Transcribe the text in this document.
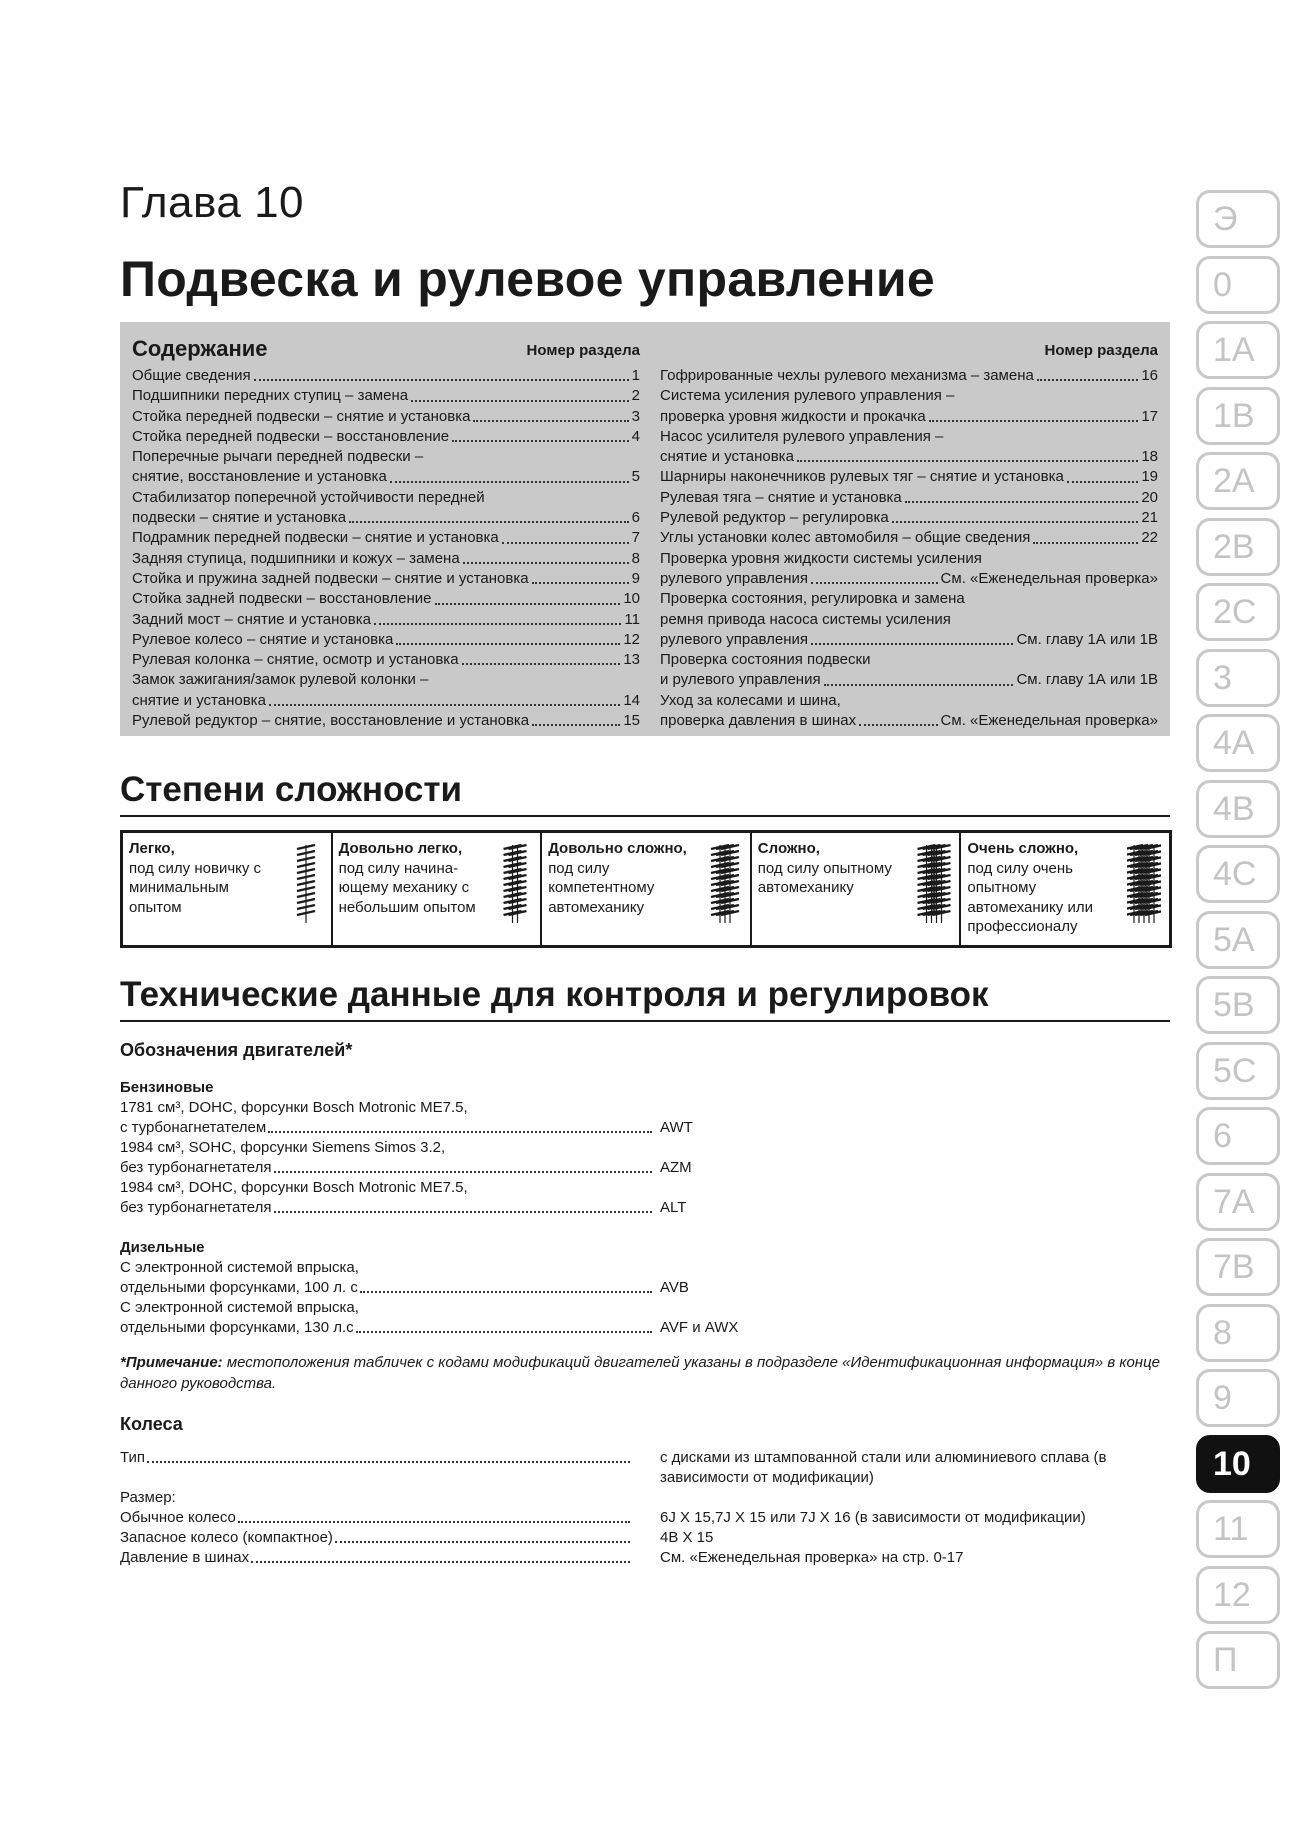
Глава 10
Подвеска и рулевое управление
Содержание	Номер раздела
Общие сведения	1
Подшипники передних ступиц – замена	2
Стойка передней подвески – снятие и установка	3
Стойка передней подвески – восстановление	4
Поперечные рычаги передней подвески –
снятие, восстановление и установка	5
Стабилизатор поперечной устойчивости передней
подвески – снятие и установка	6
Подрамник передней подвески – снятие и установка	7
Задняя ступица, подшипники и кожух – замена	8
Стойка и пружина задней подвески – снятие и установка	9
Стойка задней подвески – восстановление	10
Задний мост – снятие и установка	11
Рулевое колесо – снятие и установка	12
Рулевая колонка – снятие, осмотр и установка	13
Замок зажигания/замок рулевой колонки –
снятие и установка	14
Рулевой редуктор – снятие, восстановление и установка	15
Номер раздела
Гофрированные чехлы рулевого механизма – замена	16
Система усиления рулевого управления –
проверка уровня жидкости и прокачка	17
Насос усилителя рулевого управления –
снятие и установка	18
Шарниры наконечников рулевых тяг – снятие и установка	19
Рулевая тяга – снятие и установка	20
Рулевой редуктор – регулировка	21
Углы установки колес автомобиля – общие сведения	22
Проверка уровня жидкости системы усиления
рулевого управления	См. «Еженедельная проверка»
Проверка состояния, регулировка и замена
ремня привода насоса системы усиления
рулевого управления	См. главу 1А или 1В
Проверка состояния подвески
и рулевого управления	См. главу 1А или 1В
Уход за колесами и шина,
проверка давления в шинах	См. «Еженедельная проверка»
Степени сложности
Легко,
под силу новичку с минимальным опытом
Довольно легко,
под силу начина-ющему механику с небольшим опытом
Довольно сложно,
под силу компетентному автомеханику
Сложно,
под силу опытному автомеханику
Очень сложно,
под силу очень опытному автомеханику или профессионалу
Технические данные для контроля и регулировок
Обозначения двигателей*
Бензиновые
1781 см³, DOHC, форсунки Bosch Motronic ME7.5,
с турбонагнетателем	AWT
1984 см³, SOHC, форсунки Siemens Simos 3.2,
без турбонагнетателя	AZM
1984 см³, DOHC, форсунки Bosch Motronic ME7.5,
без турбонагнетателя	ALT
Дизельные
С электронной системой впрыска,
отдельными форсунками, 100 л. с	AVB
С электронной системой впрыска,
отдельными форсунками, 130 л.с	AVF и AWX
*Примечание: местоположения табличек с кодами модификаций двигателей указаны в подразделе «Идентификационная информация» в конце данного руководства.
Колеса
Тип	с дисками из штампованной стали или алюминиевого сплава (в зависимости от модификации)
Размер:
Обычное колесо	6J X 15,7J X 15 или 7J X 16 (в зависимости от модификации)
Запасное колесо (компактное)	4В X 15
Давление в шинах	См. «Еженедельная проверка» на стр. 0-17
Э
0
1A
1B
2A
2B
2C
3
4A
4B
4C
5A
5B
5C
6
7A
7B
8
9
10
11
12
П
